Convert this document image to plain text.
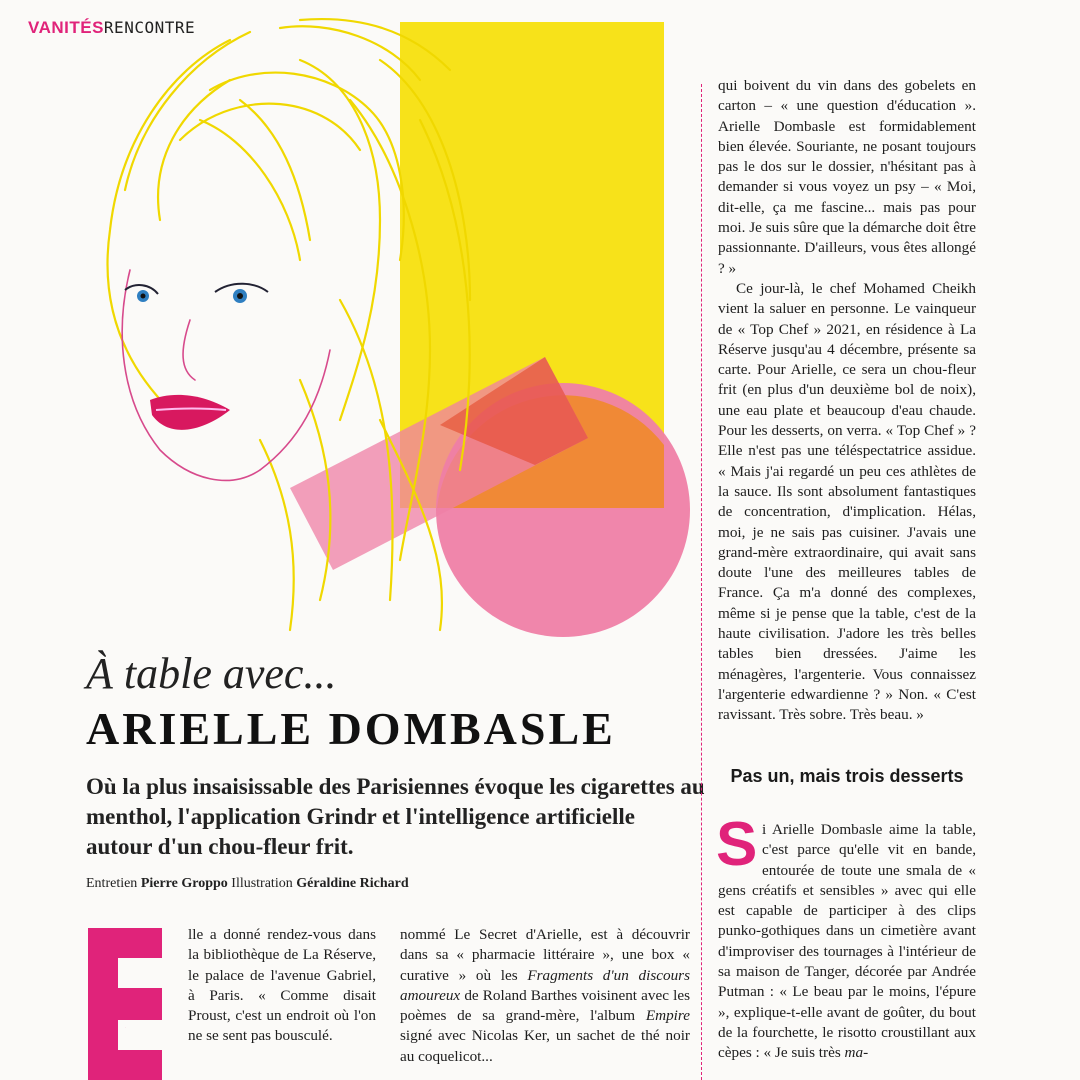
VANITÉSRENCONTRE
À table avec...
ARIELLE DOMBASLE

Où la plus insaisissable des Parisiennes évoque les cigarettes au menthol, l'application Grindr et l'intelligence artificielle autour d'un chou-fleur frit.

Entretien Pierre Groppo Illustration Géraldine Richard
E

lle a donné rendez-vous dans la bibliothèque de La Réserve, le palace de l'avenue Gabriel, à Paris. « Comme disait Proust, c'est un endroit où l'on ne se sent pas bousculé.

nommé Le Secret d'Arielle, est à découvrir dans sa « pharmacie littéraire », une box « curative » où les Fragments d'un discours amoureux de Roland Barthes voisinent avec les poèmes de sa grand-mère, l'album Empire signé avec Nicolas Ker, un sachet de thé noir au coquelicot...

qui boivent du vin dans des gobelets en carton – « une question d'éducation ». Arielle Dombasle est formidablement bien élevée. Souriante, ne posant toujours pas le dos sur le dossier, n'hésitant pas à demander si vous voyez un psy – « Moi, dit-elle, ça me fascine... mais pas pour moi. Je suis sûre que la démarche doit être passionnante. D'ailleurs, vous êtes allongé ? »

Ce jour-là, le chef Mohamed Cheikh vient la saluer en personne. Le vainqueur de « Top Chef » 2021, en résidence à La Réserve jusqu'au 4 décembre, présente sa carte. Pour Arielle, ce sera un chou-fleur frit (en plus d'un deuxième bol de noix), une eau plate et beaucoup d'eau chaude. Pour les desserts, on verra. « Top Chef » ? Elle n'est pas une téléspectatrice assidue. « Mais j'ai regardé un peu ces athlètes de la sauce. Ils sont absolument fantastiques de concentration, d'implication. Hélas, moi, je ne sais pas cuisiner. J'avais une grand-mère extraordinaire, qui avait sans doute l'une des meilleures tables de France. Ça m'a donné des complexes, même si je pense que la table, c'est de la haute civilisation. J'adore les très belles tables bien dressées. J'aime les ménagères, l'argenterie. Vous connaissez l'argenterie edwardienne ? » Non. « C'est ravissant. Très sobre. Très beau. »

Pas un, mais trois desserts

i Arielle Dombasle aime la table, c'est parce qu'elle vit en bande, entourée de toute une smala de « gens créatifs et sensibles » avec qui elle est capable de participer à des clips punko-gothiques dans un cimetière avant d'improviser des tournages à l'intérieur de sa maison de Tanger, décorée par Andrée Putman : « Le beau par le moins, l'épure », explique-t-elle avant de goûter, du bout de la fourchette, le risotto croustillant aux cèpes : « Je suis très ma-

S
